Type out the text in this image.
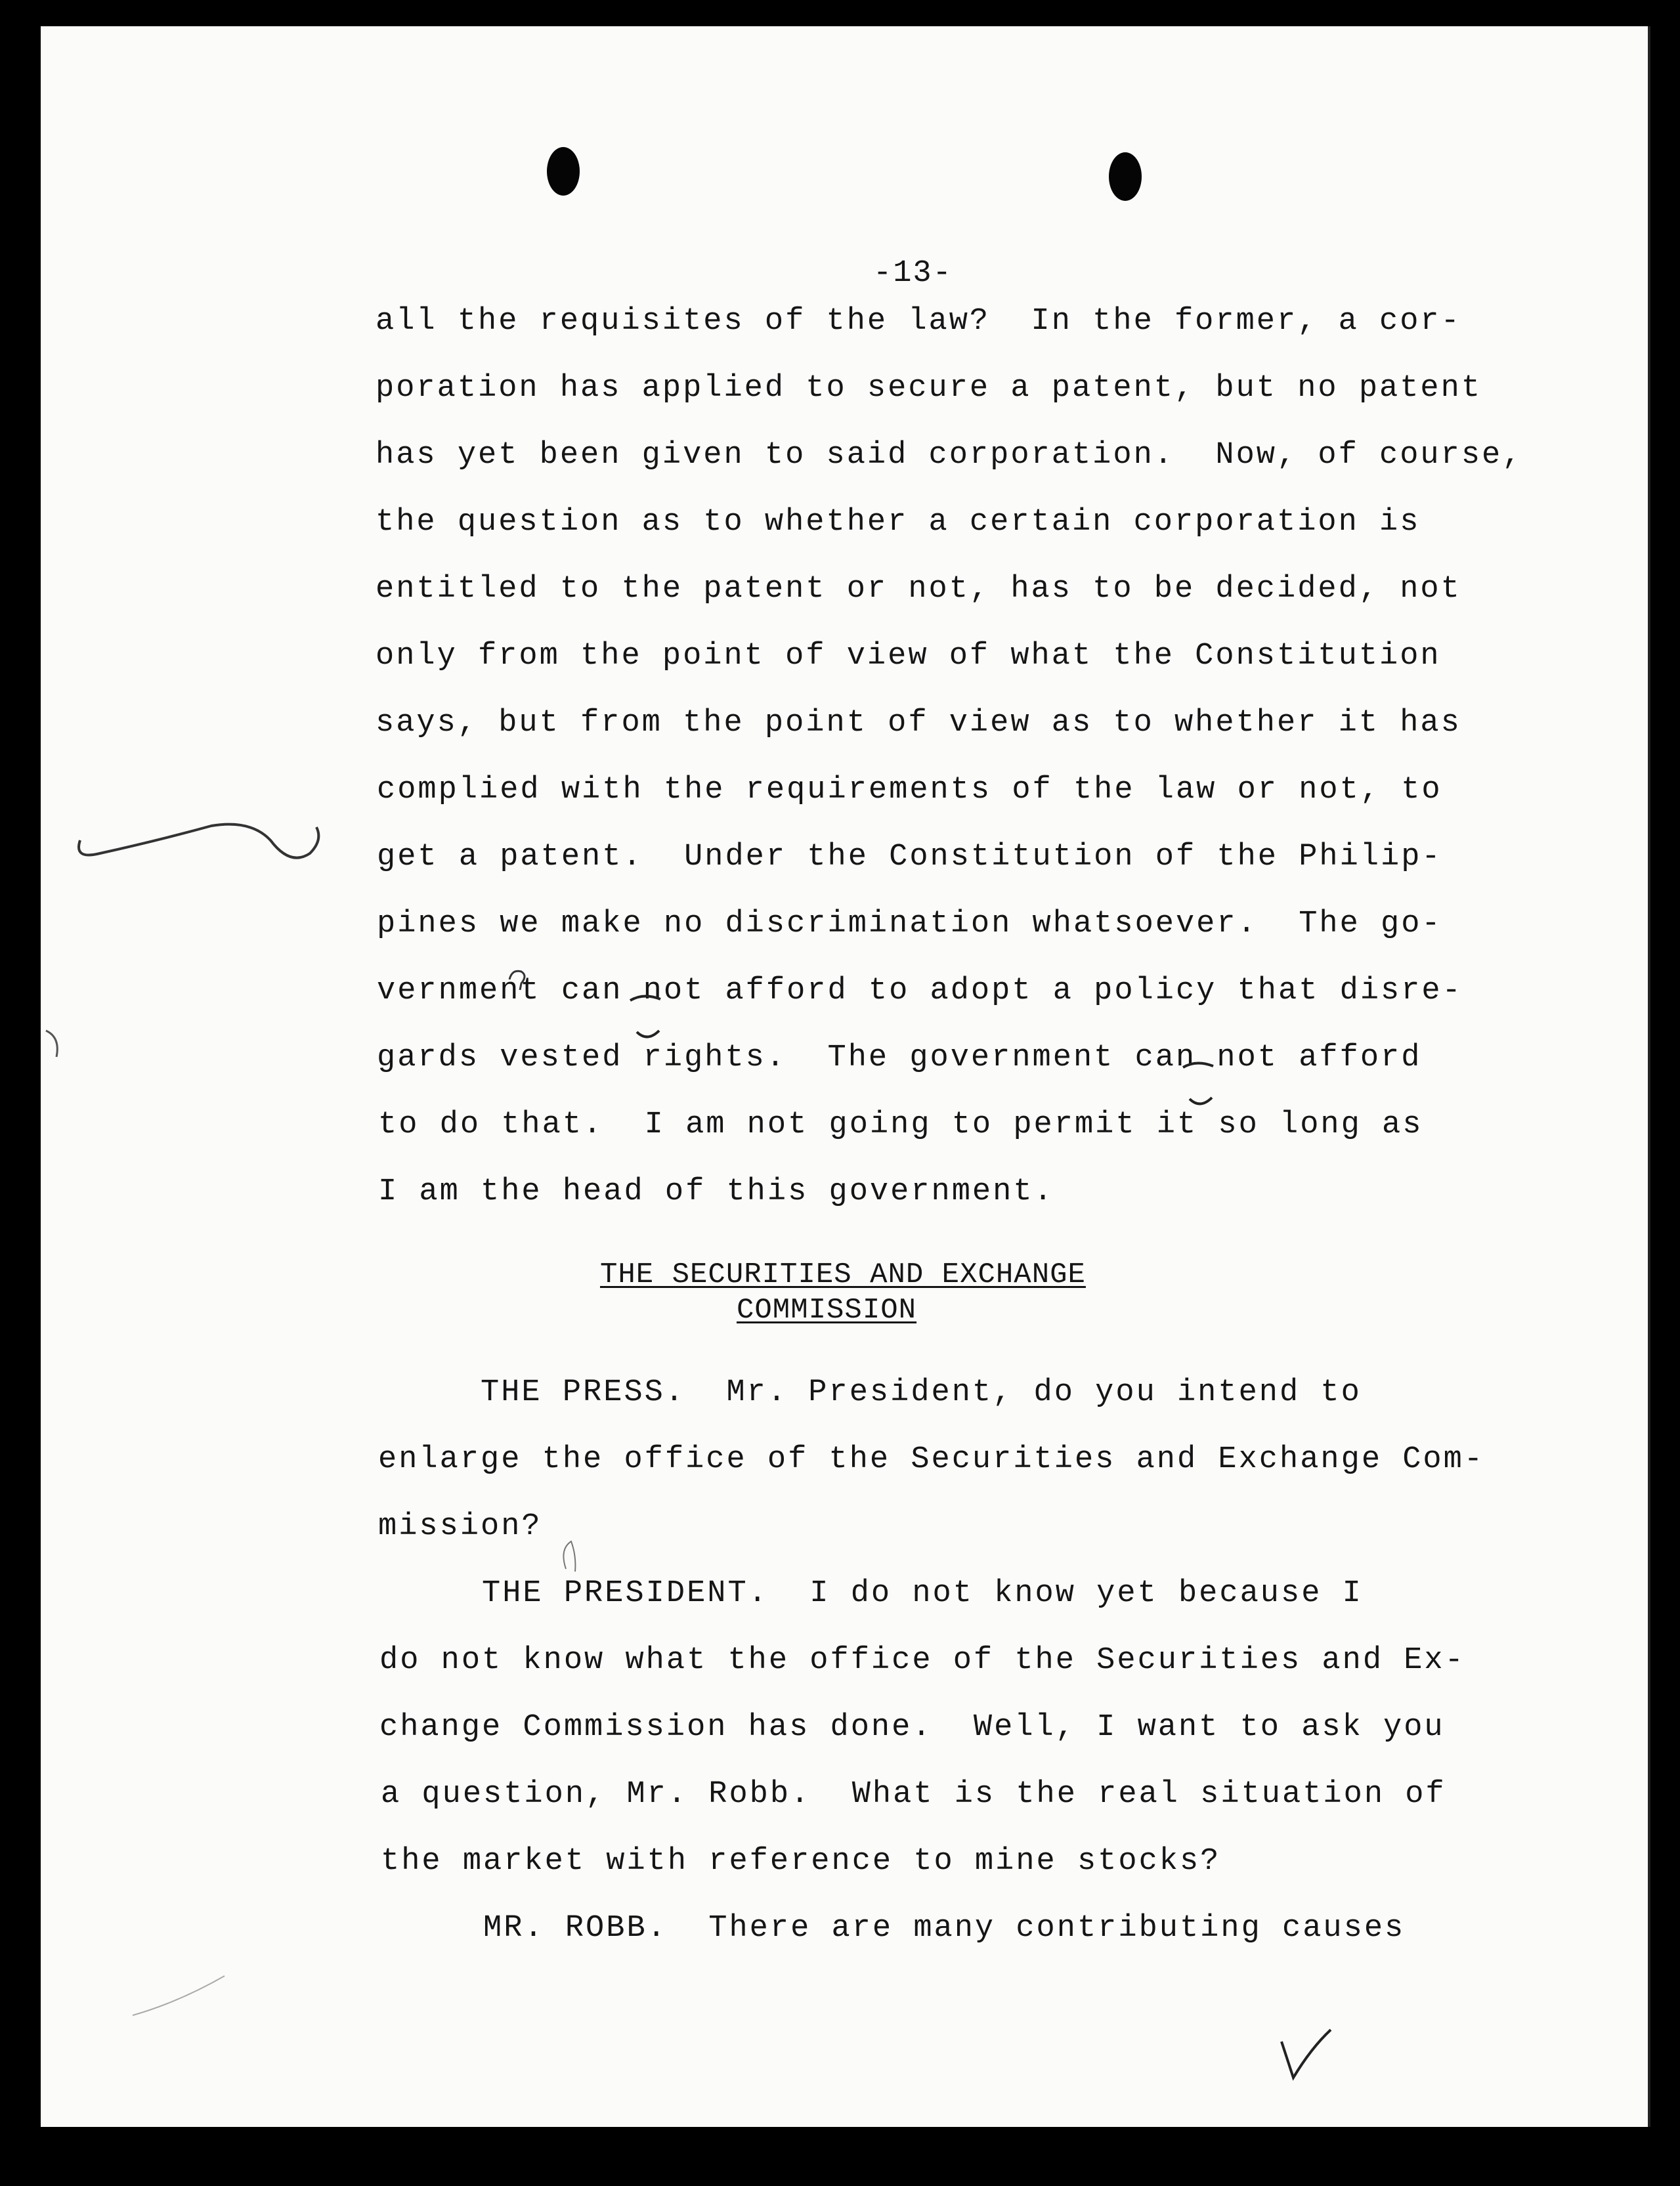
-13-
all the requisites of the law?  In the former, a cor-
poration has applied to secure a patent, but no patent
has yet been given to said corporation.  Now, of course,
the question as to whether a certain corporation is
entitled to the patent or not, has to be decided, not
only from the point of view of what the Constitution
says, but from the point of view as to whether it has
complied with the requirements of the law or not, to
get a patent.  Under the Constitution of the Philip-
pines we make no discrimination whatsoever.  The go-
vernment can not afford to adopt a policy that disre-
gards vested rights.  The government can not afford
to do that.  I am not going to permit it so long as
I am the head of this government.
THE SECURITIES AND EXCHANGE
COMMISSION
THE PRESS.  Mr. President, do you intend to
enlarge the office of the Securities and Exchange Com-
mission?
THE PRESIDENT.  I do not know yet because I
do not know what the office of the Securities and Ex-
change Commission has done.  Well, I want to ask you
a question, Mr. Robb.  What is the real situation of
the market with reference to mine stocks?
MR. ROBB.  There are many contributing causes
